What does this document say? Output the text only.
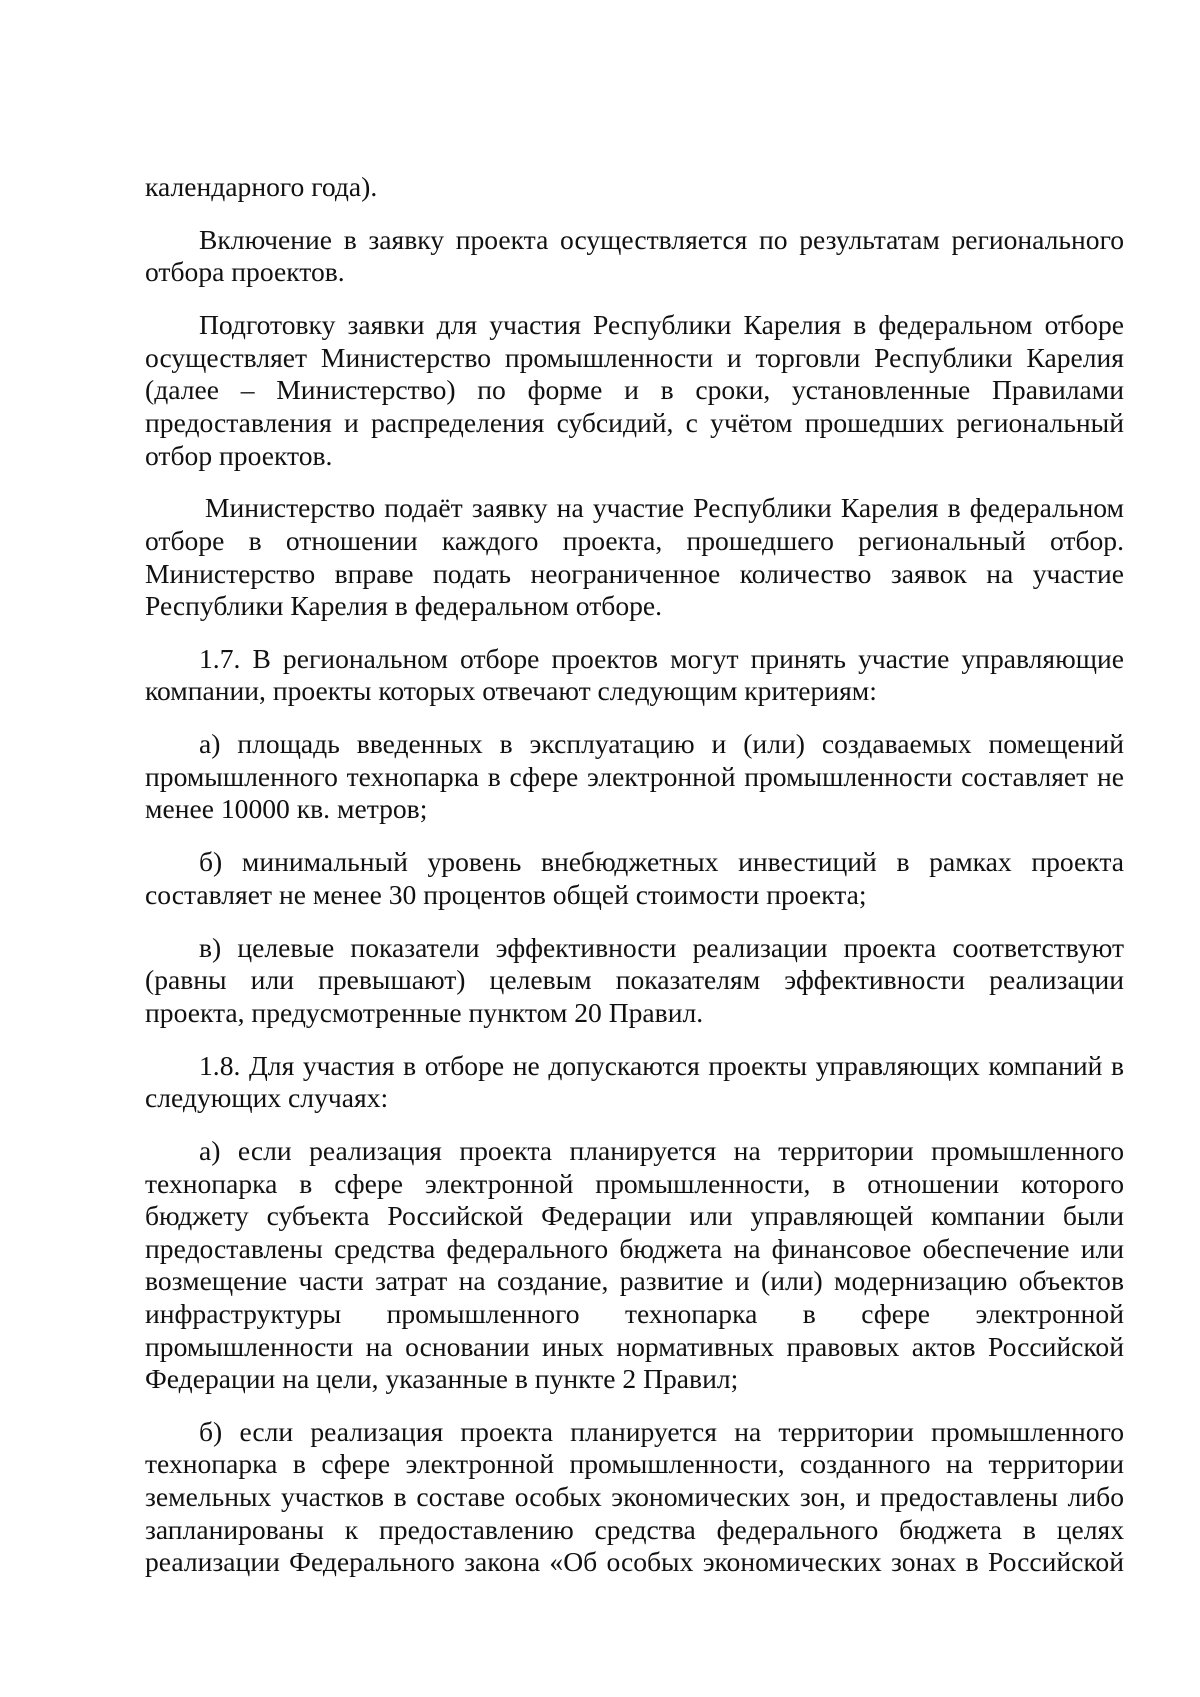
календарного года).

Включение в заявку проекта осуществляется по результатам регионального отбора проектов.

Подготовку заявки для участия Республики Карелия в федеральном отборе осуществляет Министерство промышленности и торговли Республики Карелия (далее – Министерство) по форме и в сроки, установленные Правилами предоставления и распределения субсидий, с учётом прошедших региональный отбор проектов.

Министерство подаёт заявку на участие Республики Карелия в федеральном отборе в отношении каждого проекта, прошедшего региональный отбор. Министерство вправе подать неограниченное количество заявок на участие Республики Карелия в федеральном отборе.

1.7. В региональном отборе проектов могут принять участие управляющие компании, проекты которых отвечают следующим критериям:

а) площадь введенных в эксплуатацию и (или) создаваемых помещений промышленного технопарка в сфере электронной промышленности составляет не менее 10000 кв. метров;

б) минимальный уровень внебюджетных инвестиций в рамках проекта составляет не менее 30 процентов общей стоимости проекта;

в) целевые показатели эффективности реализации проекта соответствуют (равны или превышают) целевым показателям эффективности реализации проекта, предусмотренные пунктом 20 Правил.

1.8. Для участия в отборе не допускаются проекты управляющих компаний в следующих случаях:

а) если реализация проекта планируется на территории промышленного технопарка в сфере электронной промышленности, в отношении которого бюджету субъекта Российской Федерации или управляющей компании были предоставлены средства федерального бюджета на финансовое обеспечение или возмещение части затрат на создание, развитие и (или) модернизацию объектов инфраструктуры промышленного технопарка в сфере электронной промышленности на основании иных нормативных правовых актов Российской Федерации на цели, указанные в пункте 2 Правил;

б) если реализация проекта планируется на территории промышленного технопарка в сфере электронной промышленности, созданного на территории земельных участков в составе особых экономических зон, и предоставлены либо запланированы к предоставлению средства федерального бюджета в целях реализации Федерального закона «Об особых экономических зонах в Российской
